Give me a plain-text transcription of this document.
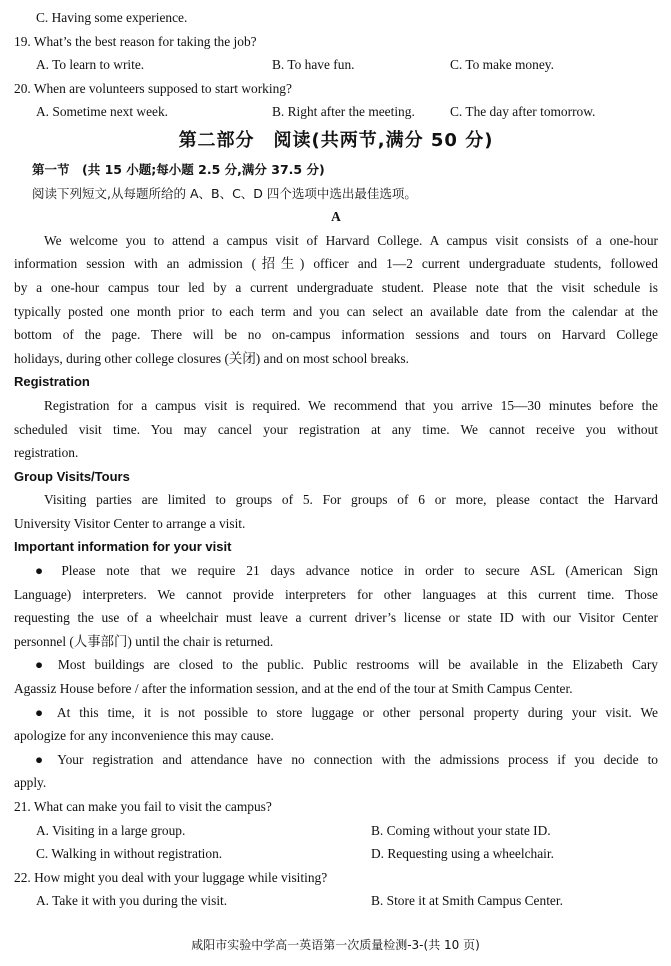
C. Having some experience.
19. What’s the best reason for taking the job?
A. To learn to write.	B. To have fun.	C. To make money.
20. When are volunteers supposed to start working?
A. Sometime next week.	B. Right after the meeting.	C. The day after tomorrow.
第二部分　阅读(共两节,满分 50 分)
第一节　(共 15 小题;每小题 2.5 分,满分 37.5 分)
阅读下列短文,从每题所给的 A、B、C、D 四个选项中选出最佳选项。
A
We welcome you to attend a campus visit of Harvard College. A campus visit consists of a one-hour
information session with an admission (招生) officer and 1—2 current undergraduate students, followed
by a one-hour campus tour led by a current undergraduate student. Please note that the visit schedule is
typically posted one month prior to each term and you can select an available date from the calendar at the
bottom of the page. There will be no on-campus information sessions and tours on Harvard College
holidays, during other college closures (关闭) and on most school breaks.
Registration
Registration for a campus visit is required. We recommend that you arrive 15—30 minutes before the
scheduled visit time. You may cancel your registration at any time. We cannot receive you without
registration.
Group Visits/Tours
Visiting parties are limited to groups of 5. For groups of 6 or more, please contact the Harvard
University Visitor Center to arrange a visit.
Important information for your visit
● Please note that we require 21 days advance notice in order to secure ASL (American Sign
Language) interpreters. We cannot provide interpreters for other languages at this current time. Those
requesting the use of a wheelchair must leave a current driver’s license or state ID with our Visitor Center
personnel (人事部门) until the chair is returned.
● Most buildings are closed to the public. Public restrooms will be available in the Elizabeth Cary
Agassiz House before / after the information session, and at the end of the tour at Smith Campus Center.
● At this time, it is not possible to store luggage or other personal property during your visit. We
apologize for any inconvenience this may cause.
● Your registration and attendance have no connection with the admissions process if you decide to
apply.
21. What can make you fail to visit the campus?
A. Visiting in a large group.	B. Coming without your state ID.
C. Walking in without registration.	D. Requesting using a wheelchair.
22. How might you deal with your luggage while visiting?
A. Take it with you during the visit.	B. Store it at Smith Campus Center.
咸阳市实验中学高一英语第一次质量检测-3-(共 10 页)
